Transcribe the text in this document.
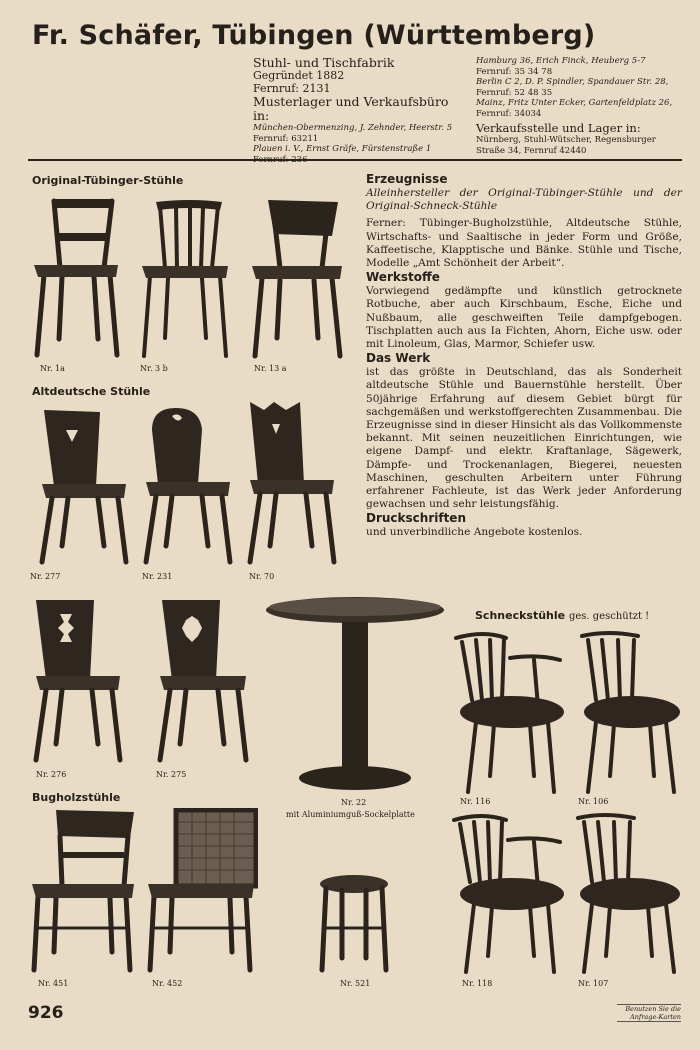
Fr. Schäfer, Tübingen (Württemberg)
Stuhl- und Tischfabrik
Gegründet 1882
Fernruf: 2131
Musterlager und Verkaufsbüro in:
München-Obermenzing, J. Zehnder, Heerstr. 5
Fernruf: 63211
Plauen i. V., Ernst Gräfe, Fürstenstraße 1
Hamburg 36, Erich Finck, Heuberg 5-7
Fernruf: 35 34 78
Berlin C 2, D. P. Spindler, Spandauer Str. 28,
Fernruf: 52 48 35
Mainz, Fritz Unter Ecker, Gartenfeldplatz 26,
Fernruf: 34034
Verkaufsstelle und Lager in:
Nürnberg, Stuhl-Wütscher, Regensburger
Straße 34, Fernruf 42440
Original-Tübinger-Stühle
Altdeutsche Stühle
Bugholzstühle
Schneckstühle ges. geschützt !
Nr. 1a	Nr. 3 b	Nr. 13 a
Nr. 277	Nr. 231	Nr. 70
Nr. 276	Nr. 275
Nr. 22
mit Aluminiumguß-Sockelplatte
Nr. 116	Nr. 106
Nr. 451	Nr. 452	Nr. 521	Nr. 118	Nr. 107
Erzeugnisse

Alleinhersteller der Original-Tübinger-Stühle und der Original-Schneck-Stühle

Ferner: Tübinger-Bugholzstühle, Altdeutsche Stühle, Wirtschafts- und Saaltische in jeder Form und Größe, Kaffeetische, Klapptische und Bänke. Stühle und Tische, Modelle „Amt Schönheit der Arbeit“.

Werkstoffe

Vorwiegend gedämpfte und künstlich getrocknete Rotbuche, aber auch Kirschbaum, Esche, Eiche und Nußbaum, alle geschweiften Teile dampfgebogen. Tischplatten auch aus Ia Fichten, Ahorn, Eiche usw. oder mit Linoleum, Glas, Marmor, Schiefer usw.

Das Werk

ist das größte in Deutschland, das als Sonderheit altdeutsche Stühle und Bauernstühle herstellt. Über 50jährige Erfahrung auf diesem Gebiet bürgt für sachgemäßen und werkstoffgerechten Zusammenbau. Die Erzeugnisse sind in dieser Hinsicht als das Vollkommenste bekannt. Mit seinen neuzeitlichen Einrichtungen, wie eigene Dampf- und elektr. Kraftanlage, Sägewerk, Dämpfe- und Trockenanlagen, Biegerei, neuesten Maschinen, geschulten Arbeitern unter Führung erfahrener Fachleute, ist das Werk jeder Anforderung gewachsen und sehr leistungsfähig.

Druckschriften

und unverbindliche Angebote kostenlos.

926	Benutzen Sie die
Anfrage-Karten
